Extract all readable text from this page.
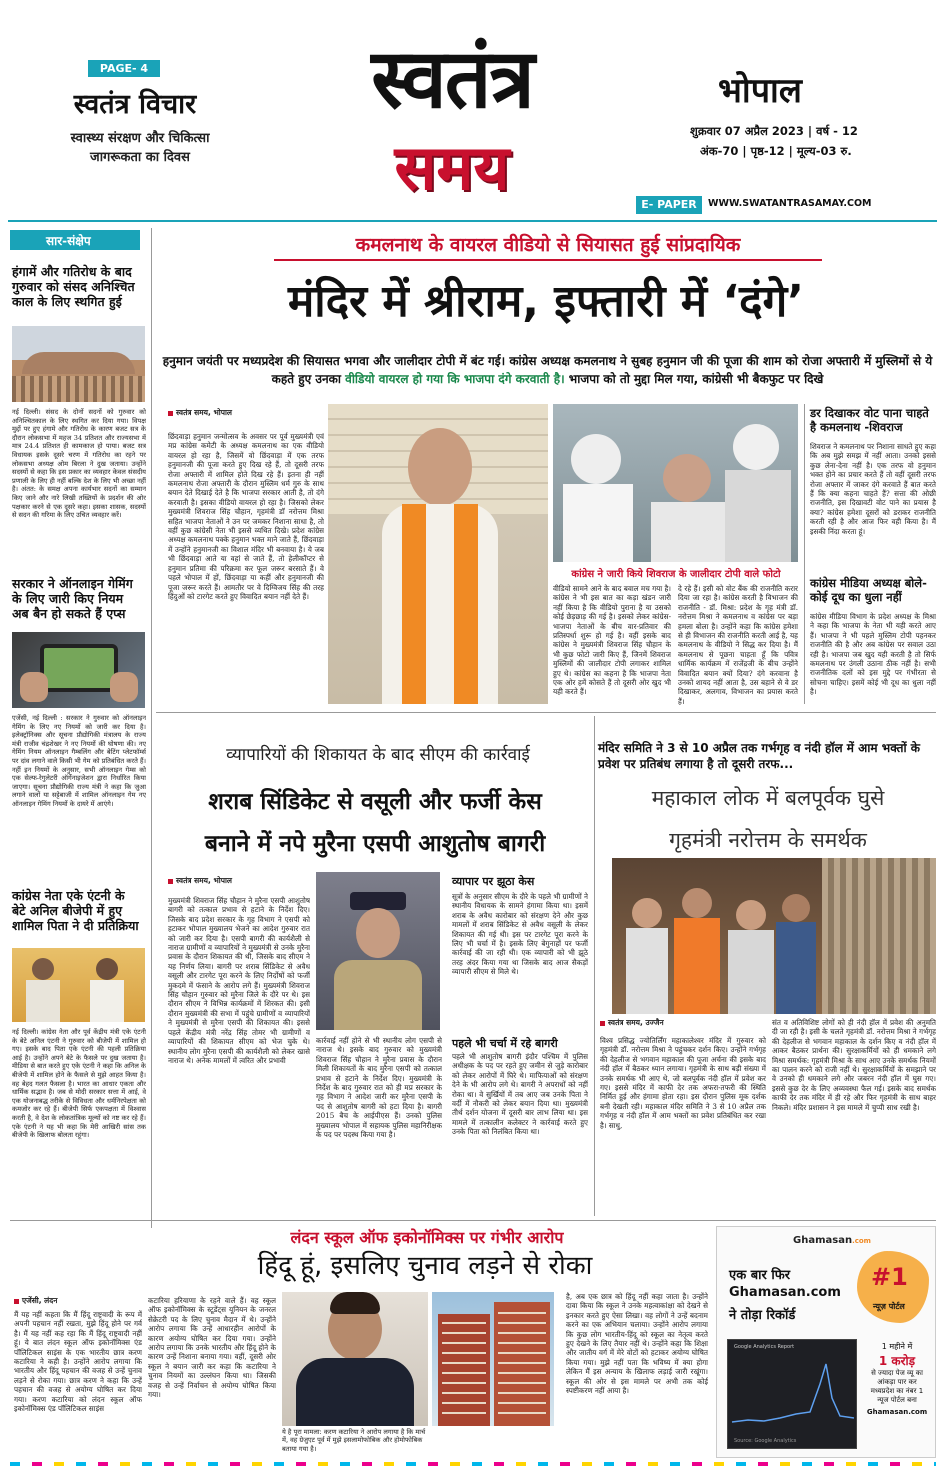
PAGE- 4
स्वतंत्र विचार
स्वास्थ्य संरक्षण और चिकित्सा
जागरूकता का दिवस
स्वतंत्र
समय
भोपाल
शुक्रवार 07 अप्रैल 2023 | वर्ष - 12
अंक-70 | पृष्ठ-12 | मूल्य-03 रु.
E- PAPER	WWW.SWATANTRASAMAY.COM
सार-संक्षेप
हंगामें और गतिरोध के बाद गुरुवार को संसद अनिश्चित काल के लिए स्थगित हुई
नई दिल्ली। संसद के दोनों सदनों को गुरुवार को अनिश्चितकाल के लिए स्थगित कर दिया गया। विपक्ष मुद्दों पर हुए हंगामे और गतिरोध के कारण बजट सत्र के दौरान लोकसभा में महज 34 प्रतिशत और राज्यसभा में मात्र 24.4 प्रतिशत ही कामकाज हो पाया। बजट सत्र विधायक इसके दूसरे चरण में गतिरोध का रहने पर लोकसभा अध्यक्ष ओम बिरला ने दुख जताया। उन्होंने सदस्यों से कहा कि इस प्रकार का व्यवहार केवल संसदीय प्रणाली के लिए ही नहीं बल्कि देश के लिए भी अच्छा नहीं है। अंतत: के समक्ष अपना कार्यभार सदनों का सम्मान किए जाने और नारे लिखी तख्तियों के प्रदर्शन की ओर पक्षकार करने से एक दूसरे कहा। इसका शासक, सदस्यों से सदन की गरिमा के लिए उचित व्यवहार करें।
सरकार ने ऑनलाइन गेमिंग के लिए जारी किए नियम अब बैन हो सकते हैं एप्स
एजेंसी, नई दिल्ली : सरकार ने गुरुवार को ऑनलाइन गेमिंग के लिए नए नियमों को जारी कर दिया है। इलेक्ट्रॉनिक्स और सूचना प्रौद्योगिकी मंत्रालय के राज्य मंत्री राजीव चंद्रशेखर ने नए नियमों की घोषणा की। नए गेमिंग नियम ऑनलाइन गैम्बलिंग और बेटिंग प्लेटफॉर्म्स पर दांव लगाने वाले किसी भी गेम को प्रतिबंधित करते हैं। नहीं इन नियमों के अनुसार, सभी ऑनलाइन गेम्स को एक सेल्फ-रेगुलेटरी ऑर्गेनाइजेशन द्वारा निर्धारित किया जाएगा। सूचना प्रौद्योगिकी राज्य मंत्री ने कहा कि जुआ लगाने वालों या सट्टेबाजी में शामिल ऑनलाइन गेम नए ऑनलाइन गेमिंग नियमों के दायरे में आएंगे।
कांग्रेस नेता एके एंटनी के बेटे अनिल बीजेपी में हुए शामिल पिता ने दी प्रतिक्रिया
नई दिल्ली। कांग्रेस नेता और पूर्व केंद्रीय मंत्री एके एंटनी के बेटे अनिल एंटनी ने गुरुवार को बीजेपी में शामिल हो गए। इसके बाद पिता एके एंटनी की पहली प्रतिक्रिया आई है। उन्होंने अपने बेटे के फैसले पर दुख जताया है। मीडिया से बात करते हुए एके एंटनी ने कहा कि अनिल के बीजेपी में शामिल होने के फैसले से मुझे आहत किया है। वह बेहद गलत फैसला है। भारत का आधार एकता और धार्मिक सद्भाव है। जब से मोदी सरकार सत्ता में आई, वे एक योजनाबद्ध तरीके से विविधता और धर्मनिरपेक्षता को कमजोर कर रहे हैं। बीजेपी सिर्फ एकपक्षता में विश्वास करती है, वे देश के लोकतांत्रिक मूल्यों को नष्ट कर रहे हैं। एके एंटनी ने यह भी कहा कि मेरी आखिरी सांस तक बीजेपी के खिलाफ बोलता रहूंगा।
कमलनाथ के वायरल वीडियो से सियासत हुई सांप्रदायिक
मंदिर में श्रीराम, इफ्तारी में ‘दंगे’
हनुमान जयंती पर मध्यप्रदेश की सियासत भगवा और जालीदार टोपी में बंट गई। कांग्रेस अध्यक्ष कमलनाथ ने सुबह हनुमान जी की पूजा की शाम को रोजा अफ्तारी में मुस्लिमों से ये कहते हुए उनका वीडियो वायरल हो गया कि भाजपा दंगे करवाती है। भाजपा को तो मुद्दा मिल गया, कांग्रेसी भी बैकफुट पर दिखे
स्वतंत्र समय, भोपाल
छिंदवाड़ा हनुमान जन्मोत्सव के अवसर पर पूर्व मुख्यमंत्री एवं मप्र कांग्रेस कमेटी के अध्यक्ष कमलनाथ का एक वीडियो वायरल हो रहा है, जिसमें वो छिंदवाड़ा में एक तरफ हनुमानजी की पूजा करते हुए दिख रहे हैं, तो दूसरी तरफ रोजा अफ्तारी में शामिल होते दिख रहे हैं। इतना ही नहीं कमलनाथ रोजा अफ्तारी के दौरान मुस्लिम धर्म गुरु के साथ बयान देते दिखाई देते है कि भाजपा सरकार आती है, तो दंगे करवाती है। इसका वीडियो वायरल हो रहा है। जिसको लेकर मुख्यमंत्री शिवराज सिंह चौहान, गृहमंत्री डॉ नरोत्तम मिश्रा सहित भाजपा नेताओं ने उन पर जमकर निशाना साधा है, तो वहीं कुछ कांग्रेसी नेता भी इससे व्यथित दिखे। प्रदेश कांग्रेस अध्यक्ष कमलनाथ पक्के हनुमान भक्त माने जाते हैं, छिंदवाड़ा में उन्होंने हनुमानजी का विशाल मंदिर भी बनवाया है। ये जब भी छिंदवाड़ा आते या वहां से जाते हैं, तो हेलीकॉप्टर से हनुमान प्रतिमा की परिक्रमा कर फूल जरूर बरसाते हैं। वे पहले भोपाल में हों, छिंदवाड़ा या कहीं और हनुमानजी की पूजा जरूर करते हैं। आमतौर पर वे दिग्विजय सिंह की तरह हिंदुओं को टारगेट करते हुए विवादित बयान नहीं देते हैं।
कांग्रेस ने जारी किये शिवराज के जालीदार टोपी वाले फोटो
वीडियो सामने आने के बाद बवाल मच गया है। कांग्रेस ने भी इस बात का कड़ा खंडन जारी नहीं किया है कि वीडियो पुराना है या उसको कोई छेड़छाड़ की गई है। इसको लेकर कांग्रेस-भाजपा नेताओं के बीच वार-प्रतिवार की प्रतिस्पर्धा शुरू हो गई है। वहीं इसके बाद कांग्रेस ने मुख्यमंत्री शिवराज सिंह चौहान के भी कुछ फोटो जारी किए हैं, जिनमें शिवराज मुस्लिमों की जालीदार टोपी लगाकर शामिल हुए थे। कांग्रेस का कहना है कि भाजपा नेता एक ओर हमें कोसते हैं तो दूसरी ओर खुद भी यही करते हैं।
दे रहे हैं। इसी को वोट बैंक की राजनीति करार दिया जा रहा है। कांग्रेस करती है विभाजन की राजनीति - डॉ. मिश्रा: प्रदेश के गृह मंत्री डॉ. नरोत्तम मिश्रा ने कमलनाथ व कांग्रेस पर बड़ा हमला बोला है। उन्होंने कहा कि कांग्रेस हमेशा से ही विभाजन की राजनीति करती आई है, यह कमलनाथ के वीडियो ने सिद्ध कर दिया है। मैं कमलनाथ से पूछना चाहता हूँ कि पवित्र धार्मिक कार्यक्रम में राजेंद्रजी के बीच उन्होंने विवादित बयान क्यों दिया? दंगे करवाना है उनको शायद नहीं आता है, उस बहाने से वे डर दिखाकर, अलगाव, विभाजन का प्रयास करते हैं।
डर दिखाकर वोट पाना चाहते है कमलनाथ -शिवराज
शिवराज ने कमलनाथ पर निशाना साधते हुए कहा कि अब मुझे समझ में नहीं आता। उनको इससे कुछ लेना-देना नहीं है। एक तरफ वो हनुमान भक्त होने का प्रचार करते हैं तो वहीं दूसरी तरफ रोजा अफ्तार में जाकर दंगे करवाते हैं बात करते हैं कि क्या कहना चाहते हैं? सत्ता की ओछी राजनीति, इस दिखावटी वोट पाने का प्रयास है क्या? कांग्रेस हमेशा दूसरों को डराकर राजनीति करती रही है और आज फिर वही किया है। मैं इसकी निंदा करता हूं।
कांग्रेस मीडिया अध्यक्ष बोले- कोई दूध का धुला नहीं
कांग्रेस मीडिया विभाग के प्रदेश अध्यक्ष के मिश्रा ने कहा कि भाजपा के नेता भी यही करते आए हैं। भाजपा ने भी पहले मुस्लिम टोपी पहनकर राजनीति की है और अब कांग्रेस पर सवाल उठा रही है। भाजपा जब खुद यही करती है तो सिर्फ कमलनाथ पर उंगली उठाना ठीक नहीं है। सभी राजनीतिक दलों को इस मुद्दे पर गंभीरता से सोचना चाहिए। इसमें कोई भी दूध का धुला नहीं है।
व्यापारियों की शिकायत के बाद सीएम की कार्रवाई
शराब सिंडिकेट से वसूली और फर्जी केस
बनाने में नपे मुरैना एसपी आशुतोष बागरी
स्वतंत्र समय, भोपाल
मुख्यमंत्री शिवराज सिंह चौहान ने मुरैना एसपी आशुतोष बागरी को तत्काल प्रभाव से हटाने के निर्देश दिए। जिसके बाद प्रदेश सरकार के गृह विभाग ने एसपी को हटाकर भोपाल मुख्यालय भेजने का आदेश गुरुवार रात को जारी कर दिया है। एसपी बागरी की कार्यशैली से नाराज ग्रामीणों व व्यापारियों ने मुख्यमंत्री से उनके मुरैना प्रवास के दौरान शिकायत की थी, जिसके बाद सीएम ने यह निर्णय लिया। बागरी पर शराब सिंडिकेट से अवैध वसूली और टारगेट पूरा करने के लिए निर्दोषों को फर्जी मुकदमे में फंसाने के आरोप लगे हैं। मुख्यमंत्री शिवराज सिंह चौहान गुरुवार को मुरैना जिले के दौरे पर थे। इस दौरान सीएम ने विभिन्न कार्यक्रमों में शिरकत की। इसी दौरान मुख्यमंत्री की सभा में पहुंचे ग्रामीणों व व्यापारियों ने मुख्यमंत्री से मुरैना एसपी की शिकायत की। इससे पहले केंद्रीय मंत्री नरेंद्र सिंह तोमर भी ग्रामीणों व व्यापारियों की शिकायत सीएम को भेज चुके थे। स्थानीय लोग मुरैना एसपी की कार्यशैली को लेकर खासे नाराज थे। अनेक मामलों में त्वरित और प्रभावी
कार्रवाई नहीं होने से भी स्थानीय लोग एसपी से नाराज थे। इसके बाद गुरुवार को मुख्यमंत्री शिवराज सिंह चौहान ने मुरैना प्रवास के दौरान मिली शिकायतों के बाद मुरैना एसपी को तत्काल प्रभाव से हटाने के निर्देश दिए। मुख्यमंत्री के निर्देश के बाद गुरुवार रात को ही मप्र सरकार के गृह विभाग ने आदेश जारी कर मुरैना एसपी के पद से आशुतोष बागरी को हटा दिया है। बागरी 2015 बैच के आईपीएस हैं। उनको पुलिस मुख्यालय भोपाल में सहायक पुलिस महानिरीक्षक के पद पर पदस्थ किया गया है।
व्यापार पर झूठा केस
सूत्रों के अनुसार सीएम के दौरे के पहले भी ग्रामीणों ने स्थानीय विधायक के सामने हंगामा किया था। इसमें शराब के अवैध कारोबार को संरक्षण देने और कुछ मामलों में शराब सिंडिकेट से अवैध वसूली के लेकर शिकायत की गई थी। इस पर टारगेट पूरा करने के लिए भी चर्चा में है। इसके लिए बेगुनाहों पर फर्जी कार्रवाई की जा रही थी। एक व्यापारी को भी झूठे तरह अंदर किया गया था जिसके बाद आज सैकड़ों व्यापारी सीएम से मिले थे।
पहले भी चर्चा में रहे बागरी
पहले भी आशुतोष बागरी इंदौर पश्चिम में पुलिस अधीक्षक के पद पर रहते हुए जमीन से जुड़े कारोबार को लेकर आरोपों में घिरे थे। माफियाओं को संरक्षण देने के भी आरोप लगे थे। बागरी ने अपराधों को नहीं रोका था। वे सुर्खियों में तब आए जब उनके पिता ने वर्दी में नौकरी को लेकर बयान दिया था। मुख्यमंत्री तीर्थ दर्शन योजना में दूसरी बार लाभ लिया था। इस मामले में तत्कालीन कलेक्टर ने कार्रवाई करते हुए उनके पिता को निलंबित किया था।
मंदिर समिति ने 3 से 10 अप्रैल तक गर्भगृह व नंदी हॉल में आम भक्तों के प्रवेश पर प्रतिबंध लगाया है तो दूसरी तरफ...
महाकाल लोक में बलपूर्वक घुसे
गृहमंत्री नरोत्तम के समर्थक
स्वतंत्र समय, उज्जैन
विश्व प्रसिद्ध ज्योतिर्लिंग महाकालेश्वर मंदिर में गुरुवार को गृहमंत्री डॉ. नरोत्तम मिश्रा ने पहुंचकर दर्शन किए। उन्होंने गर्भगृह की देहलीज से भगवान महाकाल की पूजा अर्चना की इसके बाद नंदी हॉल में बैठकर ध्यान लगाया। गृहमंत्री के साथ बड़ी संख्या में उनके समर्थक भी आए थे, जो बलपूर्वक नंदी हॉल में प्रवेश कर गए। इससे मंदिर में काफी देर तक अफरा-तफरी की स्थिति निर्मित हुई और हंगामा होता रहा। इस दौरान पुलिस मूक दर्शक बनी देखती रही। महाकाल मंदिर समिति ने 3 से 10 अप्रैल तक गर्भगृह व नंदी हॉल में आम भक्तों का प्रवेश प्रतिबंधित कर रखा है। साधु,
संत व अतिविशिष्ट लोगों को ही नंदी हॉल में प्रवेश की अनुमति दी जा रही है। इसी के चलते गृहमंत्री डॉ. नरोत्तम मिश्रा ने गर्भगृह की देहलीज से भगवान महाकाल के दर्शन किए व नंदी हॉल में आकर बैठकर प्रार्थना की। सुरक्षाकर्मियों को ही धमकाने लगे मिश्रा समर्थक: गृहमंत्री मिश्रा के साथ आए उनके समर्थक नियमों का पालन करने को राजी नहीं थे। सुरक्षाकर्मियों के समझाने पर वे उनको ही धमकाने लगे और जबरन नंदी हॉल में घुस गए। इससे कुछ देर के लिए अव्यवस्था फैल गई। इसके बाद समर्थक काफी देर तक मंदिर में ही रहे और फिर गृहमंत्री के साथ बाहर निकले। मंदिर प्रशासन ने इस मामले में चुप्पी साध रखी है।
लंदन स्कूल ऑफ इकोनॉमिक्स पर गंभीर आरोप
हिंदू हूं, इसलिए चुनाव लड़ने से रोका
एजेंसी, लंदन
मैं यह नहीं कहता कि मैं हिंदू राष्ट्रवादी के रूप में अपनी पहचान नहीं रखता, मुझे हिंदू होने पर गर्व है। मैं यह नहीं कह रहा कि मैं हिंदू राष्ट्रवादी नहीं हूं। ये बात लंदन स्कूल ऑफ इकोनॉमिक्स एंड पॉलिटिकल साइंस के एक भारतीय छात्र करण कटारिया ने कही है। उन्होंने आरोप लगाया कि भारतीय और हिंदू पहचान की वजह से उन्हें चुनाव लड़ने से रोका गया। छात्र करण ने कहा कि उन्हें पहचान की वजह से अयोग्य घोषित कर दिया गया। करण कटारिया को लंदन स्कूल ऑफ इकोनॉमिक्स एंड पॉलिटिकल साइंस
कटारिया हरियाणा के रहने वाले हैं। वह स्कूल ऑफ इकोनॉमिक्स के स्टूडेंट्स यूनियन के जनरल सेक्रेटरी पद के लिए चुनाव मैदान में थे। उन्होंने आरोप लगाया कि उन्हें आधारहीन आरोपों के कारण अयोग्य घोषित कर दिया गया। उन्होंने आरोप लगाया कि उनके भारतीय और हिंदू होने के कारण उन्हें निशाना बनाया गया। वहीं, दूसरी ओर स्कूल ने बयान जारी कर कहा कि कटारिया ने चुनाव नियमों का उल्लंघन किया था। जिसकी वजह से उन्हें निर्वाचन से अयोग्य घोषित किया गया।
ये है पूरा मामला: करण कटारिया ने आरोप लगाया है कि मार्च में, वह ग्रेजुएट पूर्व में मुझे इसलामोफोबिक और होमोफोबिक बताया गया है।
है, अब एक छात्र को हिंदू नहीं कहा जाता है। उन्होंने दावा किया कि स्कूल ने उनके महत्वाकांक्षा को देखने से इनकार करते हुए ऐसा लिखा। वह लोगों ने उन्हें बदनाम करने का एक अभियान चलाया। उन्होंने आरोप लगाया कि कुछ लोग भारतीय-हिंदू को स्कूल का नेतृत्व करते हुए देखने के लिए तैयार नहीं थे। उन्होंने कहा कि शिक्षा और जातीय वर्ग में मेरे वोटों को हटाकर अयोग्य घोषित किया गया। मुझे नहीं पता कि भविष्य में क्या होगा लेकिन मैं इस अन्याय के खिलाफ लड़ाई जारी रखूंगा। स्कूल की ओर से इस मामले पर अभी तक कोई स्पष्टीकरण नहीं आया है।
Ghamasan.com
एक बार फिर
Ghamasan.com
ने तोड़ा रिकॉर्ड
#1
न्यूज़ पोर्टल
Google Analytics Report
Source: Google Analytics
1 महीने में
1 करोड़
से ज्यादा पेज व्यू का
आंकड़ा पार कर
मध्यप्रदेश का नंबर 1
न्यूज पोर्टल बना
Ghamasan.com
